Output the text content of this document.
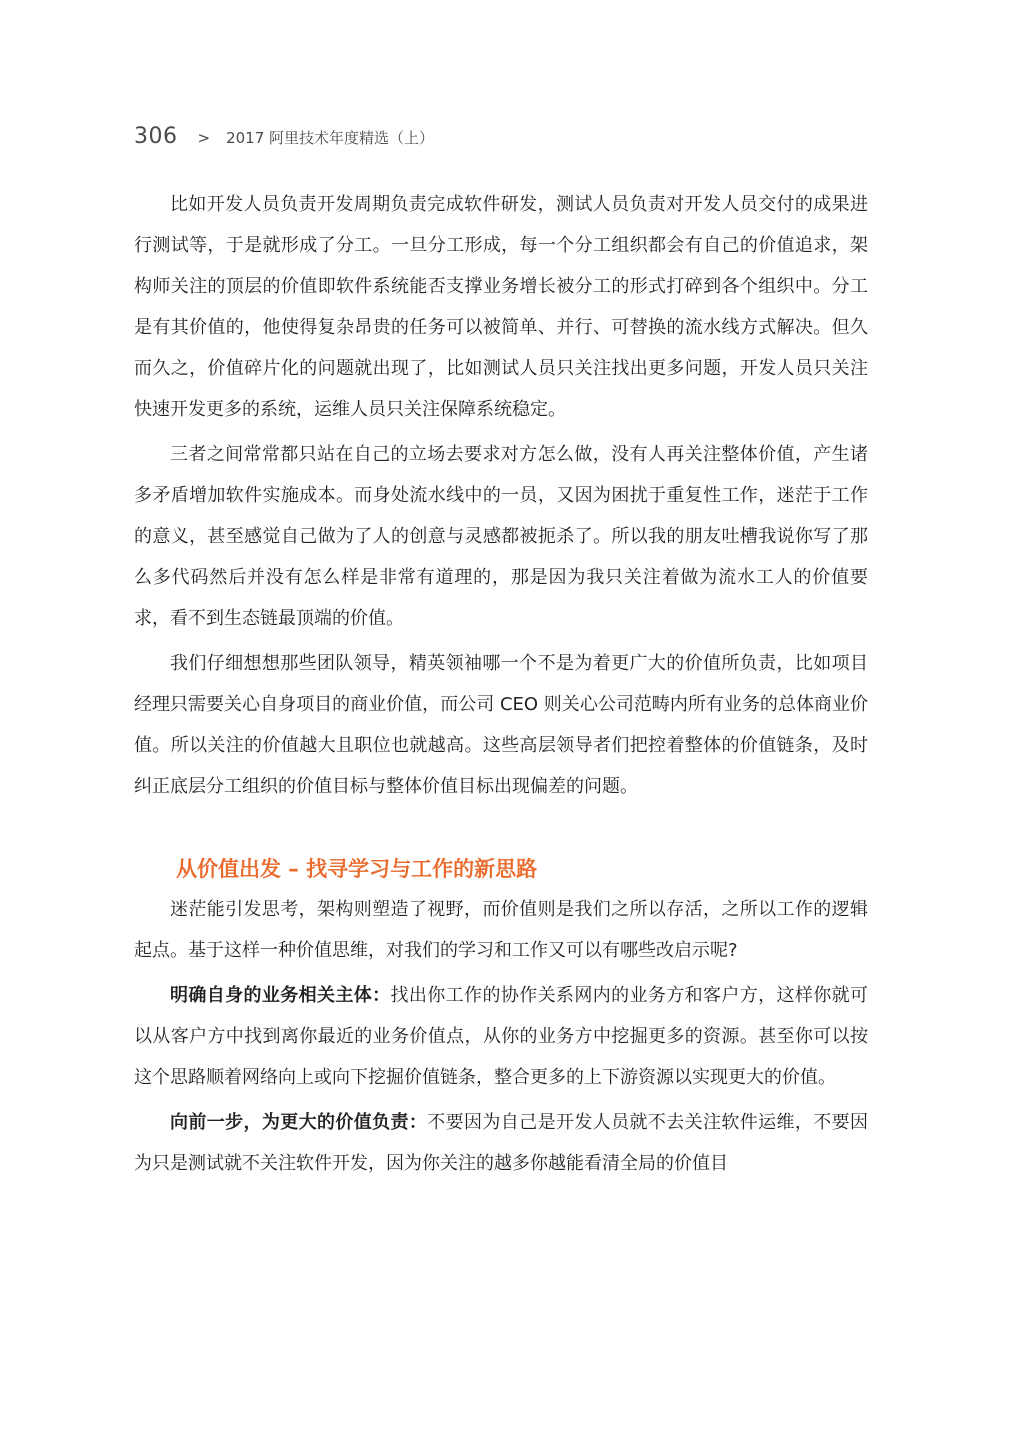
306 > 2017 阿里技术年度精选（上）

比如开发人员负责开发周期负责完成软件研发，测试人员负责对开发人员交付的成果进行测试等，于是就形成了分工。一旦分工形成，每一个分工组织都会有自己的价值追求，架构师关注的顶层的价值即软件系统能否支撑业务增长被分工的形式打碎到各个组织中。分工是有其价值的，他使得复杂昂贵的任务可以被简单、并行、可替换的流水线方式解决。但久而久之，价值碎片化的问题就出现了，比如测试人员只关注找出更多问题，开发人员只关注快速开发更多的系统，运维人员只关注保障系统稳定。

三者之间常常都只站在自己的立场去要求对方怎么做，没有人再关注整体价值，产生诸多矛盾增加软件实施成本。而身处流水线中的一员，又因为困扰于重复性工作，迷茫于工作的意义，甚至感觉自己做为了人的创意与灵感都被扼杀了。所以我的朋友吐槽我说你写了那么多代码然后并没有怎么样是非常有道理的，那是因为我只关注着做为流水工人的价值要求，看不到生态链最顶端的价值。

我们仔细想想那些团队领导，精英领袖哪一个不是为着更广大的价值所负责，比如项目经理只需要关心自身项目的商业价值，而公司 CEO 则关心公司范畴内所有业务的总体商业价值。所以关注的价值越大且职位也就越高。这些高层领导者们把控着整体的价值链条，及时纠正底层分工组织的价值目标与整体价值目标出现偏差的问题。

从价值出发 – 找寻学习与工作的新思路

迷茫能引发思考，架构则塑造了视野，而价值则是我们之所以存活，之所以工作的逻辑起点。基于这样一种价值思维，对我们的学习和工作又可以有哪些改启示呢?

明确自身的业务相关主体：找出你工作的协作关系网内的业务方和客户方，这样你就可以从客户方中找到离你最近的业务价值点，从你的业务方中挖掘更多的资源。甚至你可以按这个思路顺着网络向上或向下挖掘价值链条，整合更多的上下游资源以实现更大的价值。

向前一步，为更大的价值负责：不要因为自己是开发人员就不去关注软件运维，不要因为只是测试就不关注软件开发，因为你关注的越多你越能看清全局的价值目
